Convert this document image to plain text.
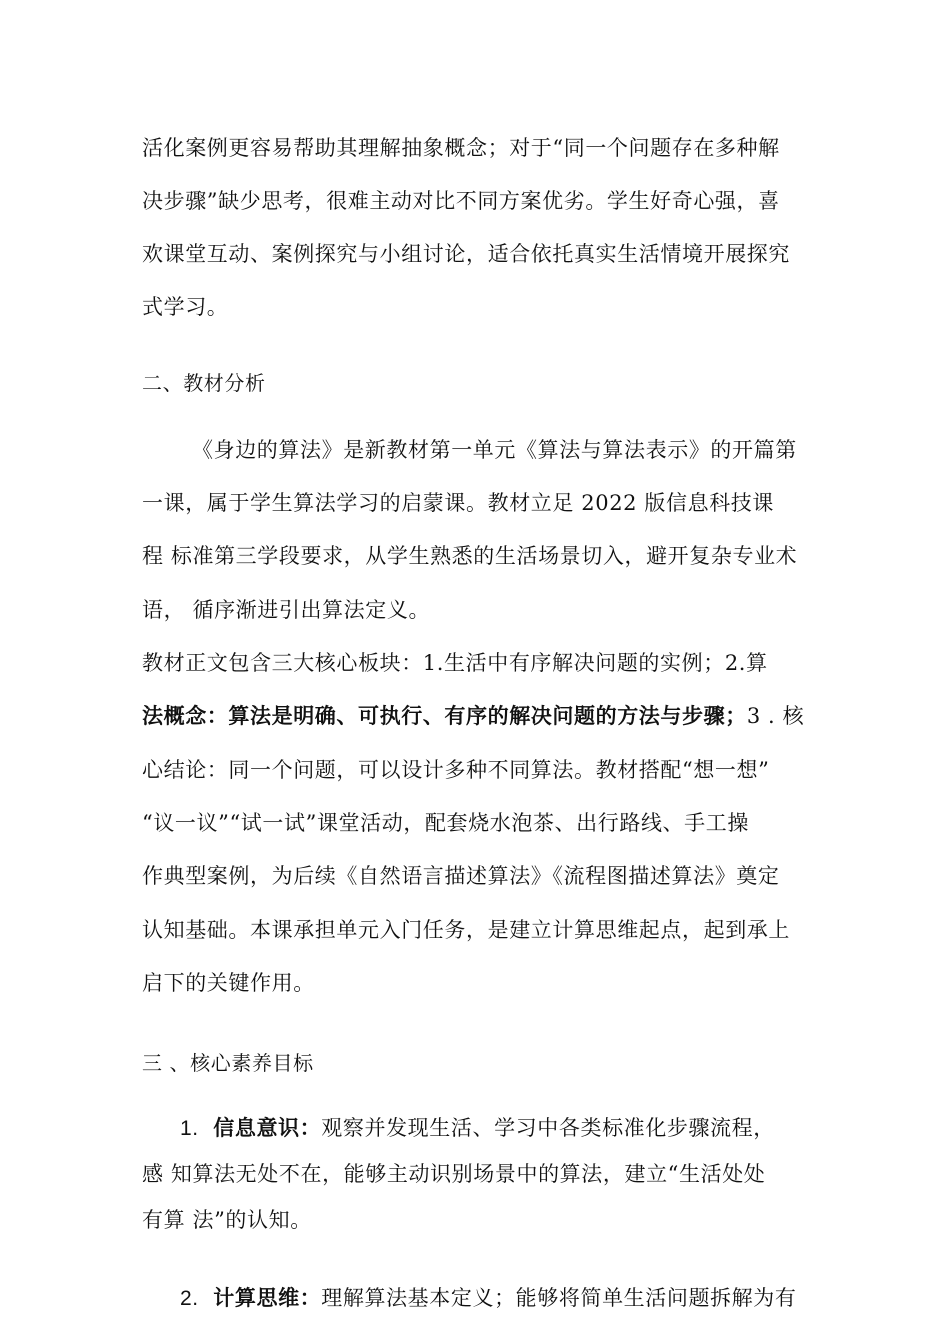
活化案例更容易帮助其理解抽象概念；对于“同一个问题存在多种解
决步骤”缺少思考，很难主动对比不同方案优劣。学生好奇心强，喜
欢课堂互动、案例探究与小组讨论，适合依托真实生活情境开展探究
式学习。
二、教材分析
《身边的算法》是新教材第一单元《算法与算法表示》的开篇第
一课，属于学生算法学习的启蒙课。教材立足 2022 版信息科技课
程 标准第三学段要求，从学生熟悉的生活场景切入，避开复杂专业术
语， 循序渐进引出算法定义。
教材正文包含三大核心板块：1.生活中有序解决问题的实例；2.算
法概念：算法是明确、可执行、有序的解决问题的方法与步骤；3 . 核
心结论：同一个问题，可以设计多种不同算法。教材搭配“想一想”
“议一议”“试一试”课堂活动，配套烧水泡茶、出行路线、手工操
作典型案例，为后续《自然语言描述算法》《流程图描述算法》奠定
认知基础。本课承担单元入门任务，是建立计算思维起点，起到承上
启下的关键作用。
三 、核心素养目标
1. 信息意识：观察并发现生活、学习中各类标准化步骤流程，
感 知算法无处不在，能够主动识别场景中的算法，建立“生活处处
有算 法”的认知。
2. 计算思维：理解算法基本定义；能够将简单生活问题拆解为有
